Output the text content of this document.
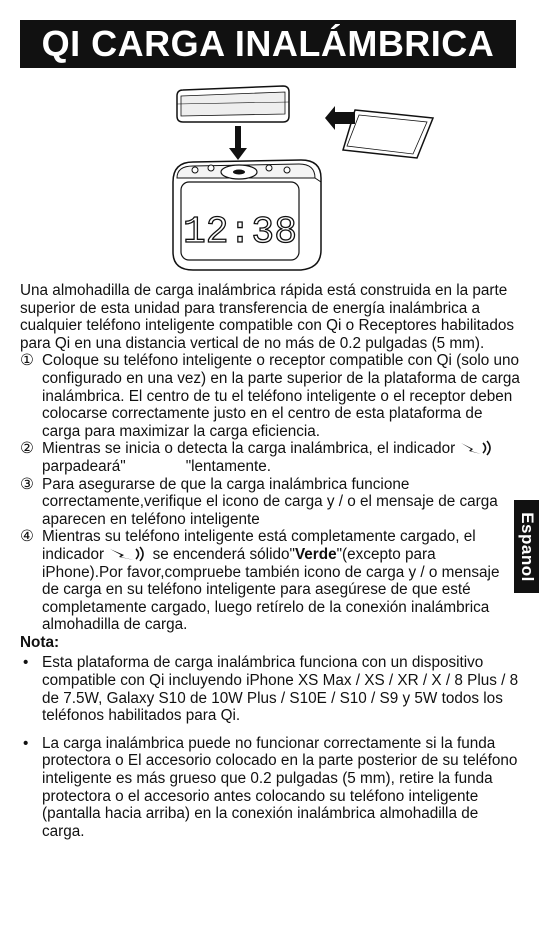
QI CARGA INALÁMBRICA
12:38

Una almohadilla de carga inalámbrica rápida está construida en la parte superior de esta unidad para transferencia de energía inalámbrica a cualquier teléfono inteligente compatible con Qi o Receptores habilitados para Qi en una distancia vertical de no más de 0.2 pulgadas (5 mm).

① Coloque su teléfono inteligente o receptor compatible con Qi (solo uno configurado en una vez) en la parte superior de la plataforma de carga inalámbrica. El centro de tu el teléfono inteligente o el receptor deben colocarse correctamente justo en el centro de esta plataforma de carga para maximizar la carga eficiencia.
② Mientras se inicia o detecta la carga inalámbrica, el indicador  parpadeará"	"lentamente.
③ Para asegurarse de que la carga inalámbrica funcione correctamente,verifique el icono de carga y / o el mensaje de carga aparecen en teléfono inteligente
④ Mientras su teléfono inteligente está completamente cargado, el indicador	se encenderá sólido"Verde"(excepto para iPhone).Por favor,compruebe también icono de carga y / o mensaje de carga en su teléfono inteligente para asegúrese de que esté completamente cargado, luego retírelo de la conexión inalámbrica almohadilla de carga.
Nota:
• Esta plataforma de carga inalámbrica funciona con un dispositivo compatible con Qi incluyendo iPhone XS Max / XS / XR / X / 8 Plus / 8 de 7.5W, Galaxy S10 de 10W Plus / S10E / S10 / S9 y 5W todos los teléfonos habilitados para Qi.
• La carga inalámbrica puede no funcionar correctamente si la funda protectora o El accesorio colocado en la parte posterior de su teléfono inteligente es más grueso que 0.2 pulgadas (5 mm), retire la funda protectora o el accesorio antes colocando su teléfono inteligente (pantalla hacia arriba) en la conexión inalámbrica almohadilla de carga.
Espanol
